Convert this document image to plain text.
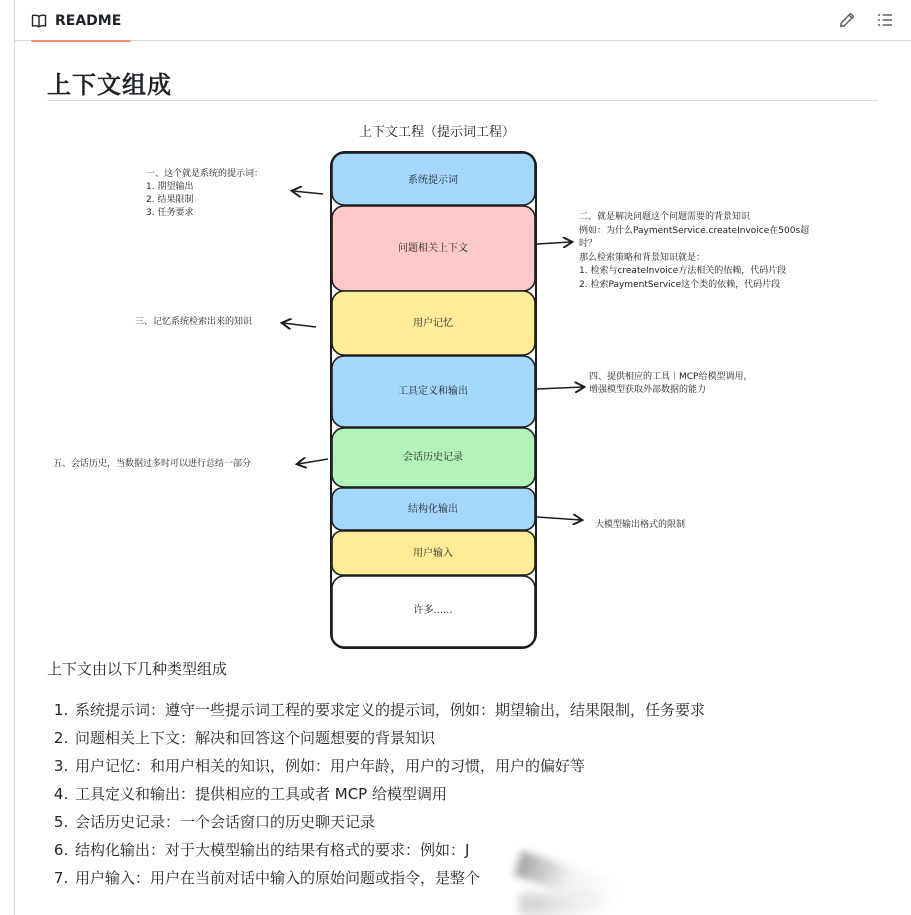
README
上下文组成
上下文工程（提示词工程）
系统提示词
问题相关上下文
用户记忆
工具定义和输出
会话历史记录
结构化输出
用户输入
许多......
一、这个就是系统的提示词：
1. 期望输出
2. 结果限制
3. 任务要求	二、就是解决问题这个问题需要的背景知识
例如：为什么PaymentService.createInvoice在500s超
时？
那么检索策略和背景知识就是：
1. 检索与createInvoice方法相关的依赖，代码片段
2. 检索PaymentService这个类的依赖，代码片段
三、记忆系统检索出来的知识
四、提供相应的工具｜MCP给模型调用，
增强模型获取外部数据的能力
五、会话历史，当数据过多时可以进行总结一部分
大模型输出格式的限制

上下文由以下几种类型组成

1. 系统提示词：遵守一些提示词工程的要求定义的提示词，例如：期望输出，结果限制，任务要求
2. 问题相关上下文：解决和回答这个问题想要的背景知识
3. 用户记忆：和用户相关的知识，例如：用户年龄，用户的习惯，用户的偏好等
4. 工具定义和输出：提供相应的工具或者 MCP 给模型调用
5. 会话历史记录：一个会话窗口的历史聊天记录
6. 结构化输出：对于大模型输出的结果有格式的要求：例如：J
7. 用户输入：用户在当前对话中输入的原始问题或指令，是整个
